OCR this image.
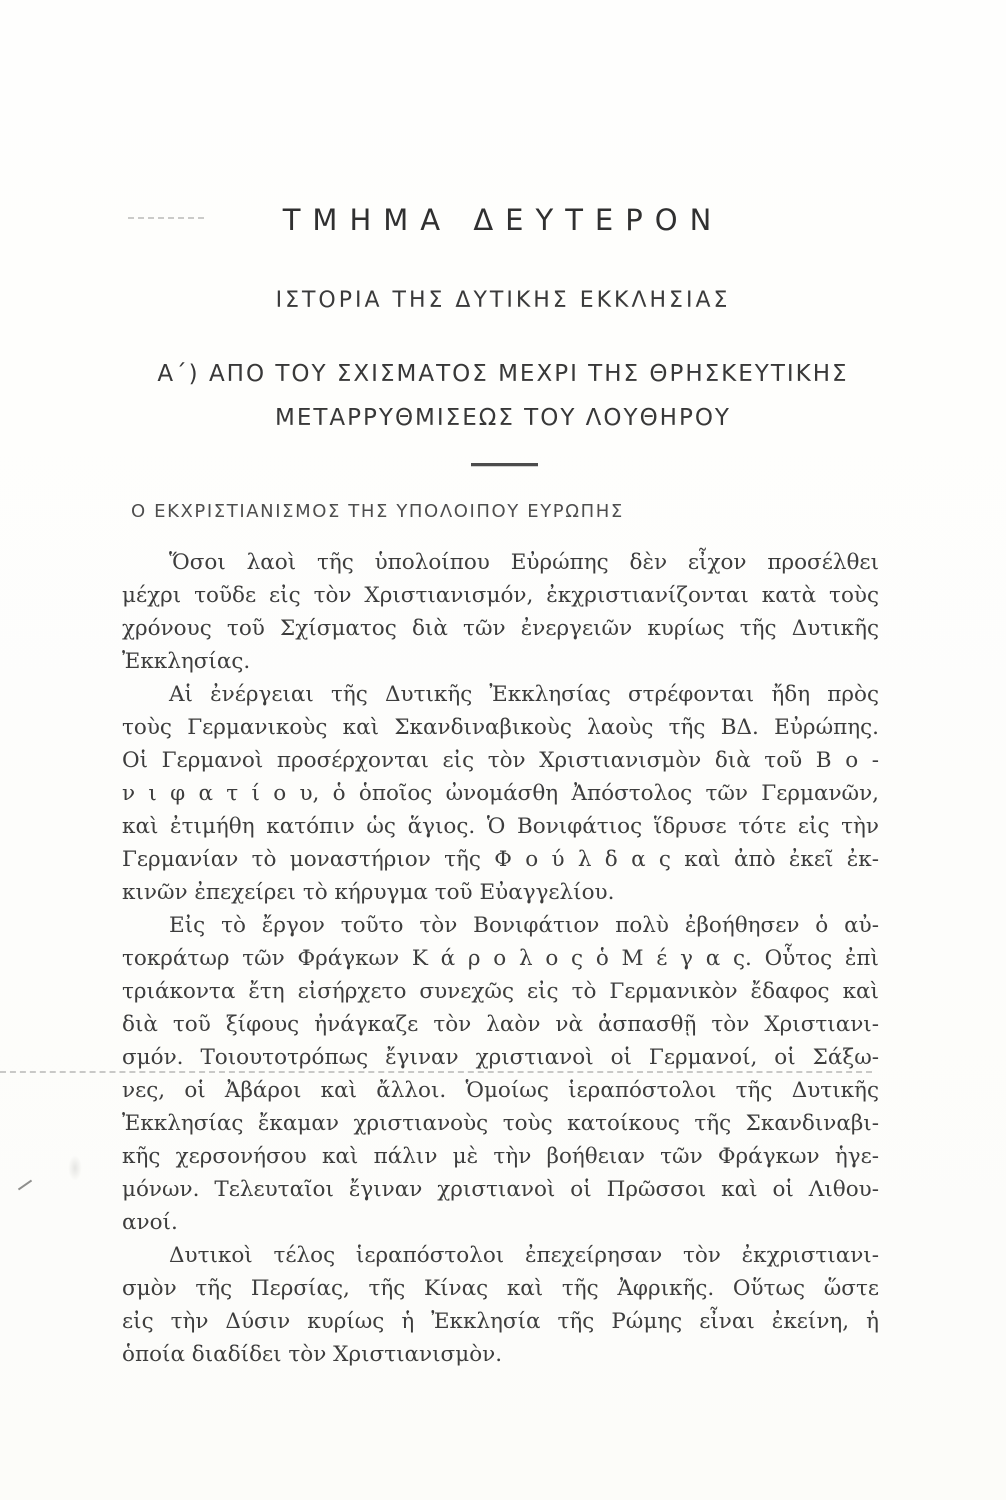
ΤΜΗΜΑ ΔΕΥΤΕΡΟΝ
ΙΣΤΟΡΙΑ ΤΗΣ ΔΥΤΙΚΗΣ ΕΚΚΛΗΣΙΑΣ
Α΄) ΑΠΟ ΤΟΥ ΣΧΙΣΜΑΤΟΣ ΜΕΧΡΙ ΤΗΣ ΘΡΗΣΚΕΥΤΙΚΗΣ
ΜΕΤΑΡΡΥΘΜΙΣΕΩΣ ΤΟΥ ΛΟΥΘΗΡΟΥ
Ο ΕΚΧΡΙΣΤΙΑΝΙΣΜΟΣ ΤΗΣ ΥΠΟΛΟΙΠΟΥ ΕΥΡΩΠΗΣ
Ὅσοι λαοὶ τῆς ὑπολοίπου Εὐρώπης δὲν εἶχον προσέλθει
μέχρι τοῦδε εἰς τὸν Χριστιανισμόν, ἐκχριστιανίζονται κατὰ τοὺς
χρόνους τοῦ Σχίσματος διὰ τῶν ἐνεργειῶν κυρίως τῆς Δυτικῆς
Ἐκκλησίας.
Αἱ ἐνέργειαι τῆς Δυτικῆς Ἐκκλησίας στρέφονται ἤδη πρὸς
τοὺς Γερμανικοὺς καὶ Σκανδιναβικοὺς λαοὺς τῆς ΒΔ. Εὐρώπης.
Οἱ Γερμανοὶ προσέρχονται εἰς τὸν Χριστιανισμὸν διὰ τοῦ Β ο -
ν ι φ α τ ί ο υ, ὁ ὁποῖος ὠνομάσθη Ἀπόστολος τῶν Γερμανῶν,
καὶ ἐτιμήθη κατόπιν ὡς ἅγιος. Ὁ Βονιφάτιος ἵδρυσε τότε εἰς τὴν
Γερμανίαν τὸ μοναστήριον τῆς Φ ο ύ λ δ α ς καὶ ἀπὸ ἐκεῖ ἐκ-
κινῶν ἐπεχείρει τὸ κήρυγμα τοῦ Εὐαγγελίου.
Εἰς τὸ ἔργον τοῦτο τὸν Βονιφάτιον πολὺ ἐβοήθησεν ὁ αὐ-
τοκράτωρ τῶν Φράγκων Κ ά ρ ο λ ο ς ὁ Μ έ γ α ς. Οὗτος ἐπὶ
τριάκοντα ἔτη εἰσήρχετο συνεχῶς εἰς τὸ Γερμανικὸν ἔδαφος καὶ
διὰ τοῦ ξίφους ἠνάγκαζε τὸν λαὸν νὰ ἀσπασθῇ τὸν Χριστιανι-
σμόν. Τοιουτοτρόπως ἔγιναν χριστιανοὶ οἱ Γερμανοί, οἱ Σάξω-
νες, οἱ Ἀβάροι καὶ ἄλλοι. Ὁμοίως ἱεραπόστολοι τῆς Δυτικῆς
Ἐκκλησίας ἔκαμαν χριστιανοὺς τοὺς κατοίκους τῆς Σκανδιναβι-
κῆς χερσονήσου καὶ πάλιν μὲ τὴν βοήθειαν τῶν Φράγκων ἡγε-
μόνων. Τελευταῖοι ἔγιναν χριστιανοὶ οἱ Πρῶσσοι καὶ οἱ Λιθου-
ανοί.
Δυτικοὶ τέλος ἱεραπόστολοι ἐπεχείρησαν τὸν ἐκχριστιανι-
σμὸν τῆς Περσίας, τῆς Κίνας καὶ τῆς Ἀφρικῆς. Οὕτως ὥστε
εἰς τὴν Δύσιν κυρίως ἡ Ἐκκλησία τῆς Ρώμης εἶναι ἐκείνη, ἡ
ὁποία διαδίδει τὸν Χριστιανισμὸν.
